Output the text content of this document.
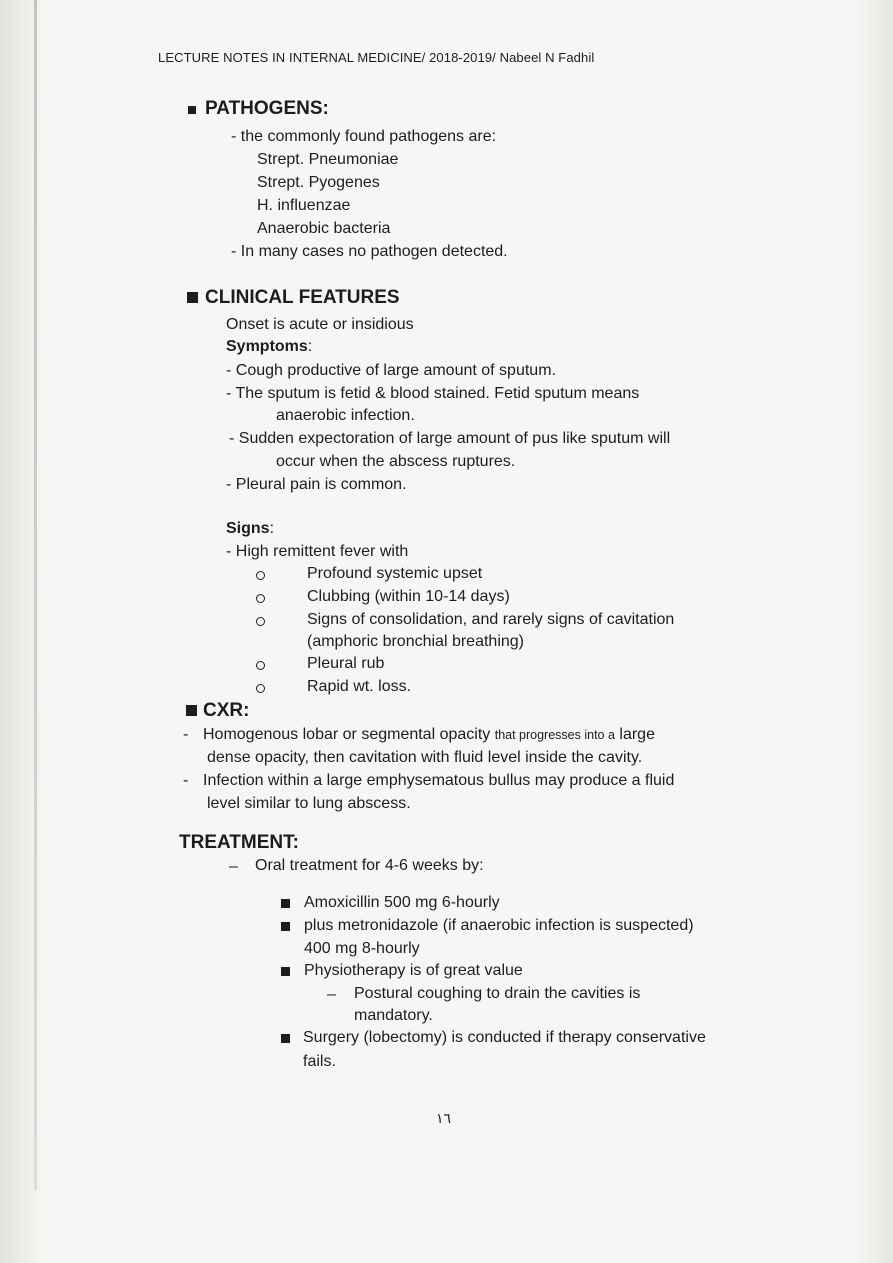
LECTURE NOTES IN INTERNAL MEDICINE/ 2018-2019/ Nabeel N Fadhil
PATHOGENS:
- the commonly found pathogens are:
Strept. Pneumoniae
Strept. Pyogenes
H. influenzae
Anaerobic bacteria
- In many cases no pathogen detected.
CLINICAL FEATURES
Onset is acute or insidious
Symptoms:
- Cough productive of large amount of sputum.
- The sputum is fetid & blood stained. Fetid sputum means
anaerobic infection.
- Sudden expectoration of large amount of pus like sputum will
occur when the abscess ruptures.
- Pleural pain is common.
Signs:
- High remittent fever with
Profound systemic upset
Clubbing (within 10-14 days)
Signs of consolidation, and rarely signs of cavitation
(amphoric bronchial breathing)
Pleural rub
Rapid wt. loss.
CXR:
- Homogenous lobar or segmental opacity that progresses into a large
dense opacity, then cavitation with fluid level inside the cavity.
- Infection within a large emphysematous bullus may produce a fluid
level similar to lung abscess.
TREATMENT:
– Oral treatment for 4-6 weeks by:
Amoxicillin 500 mg 6-hourly
plus metronidazole (if anaerobic infection is suspected)
400 mg 8-hourly
Physiotherapy is of great value
– Postural coughing to drain the cavities is
mandatory.
Surgery (lobectomy) is conducted if therapy conservative
fails.
١٦
